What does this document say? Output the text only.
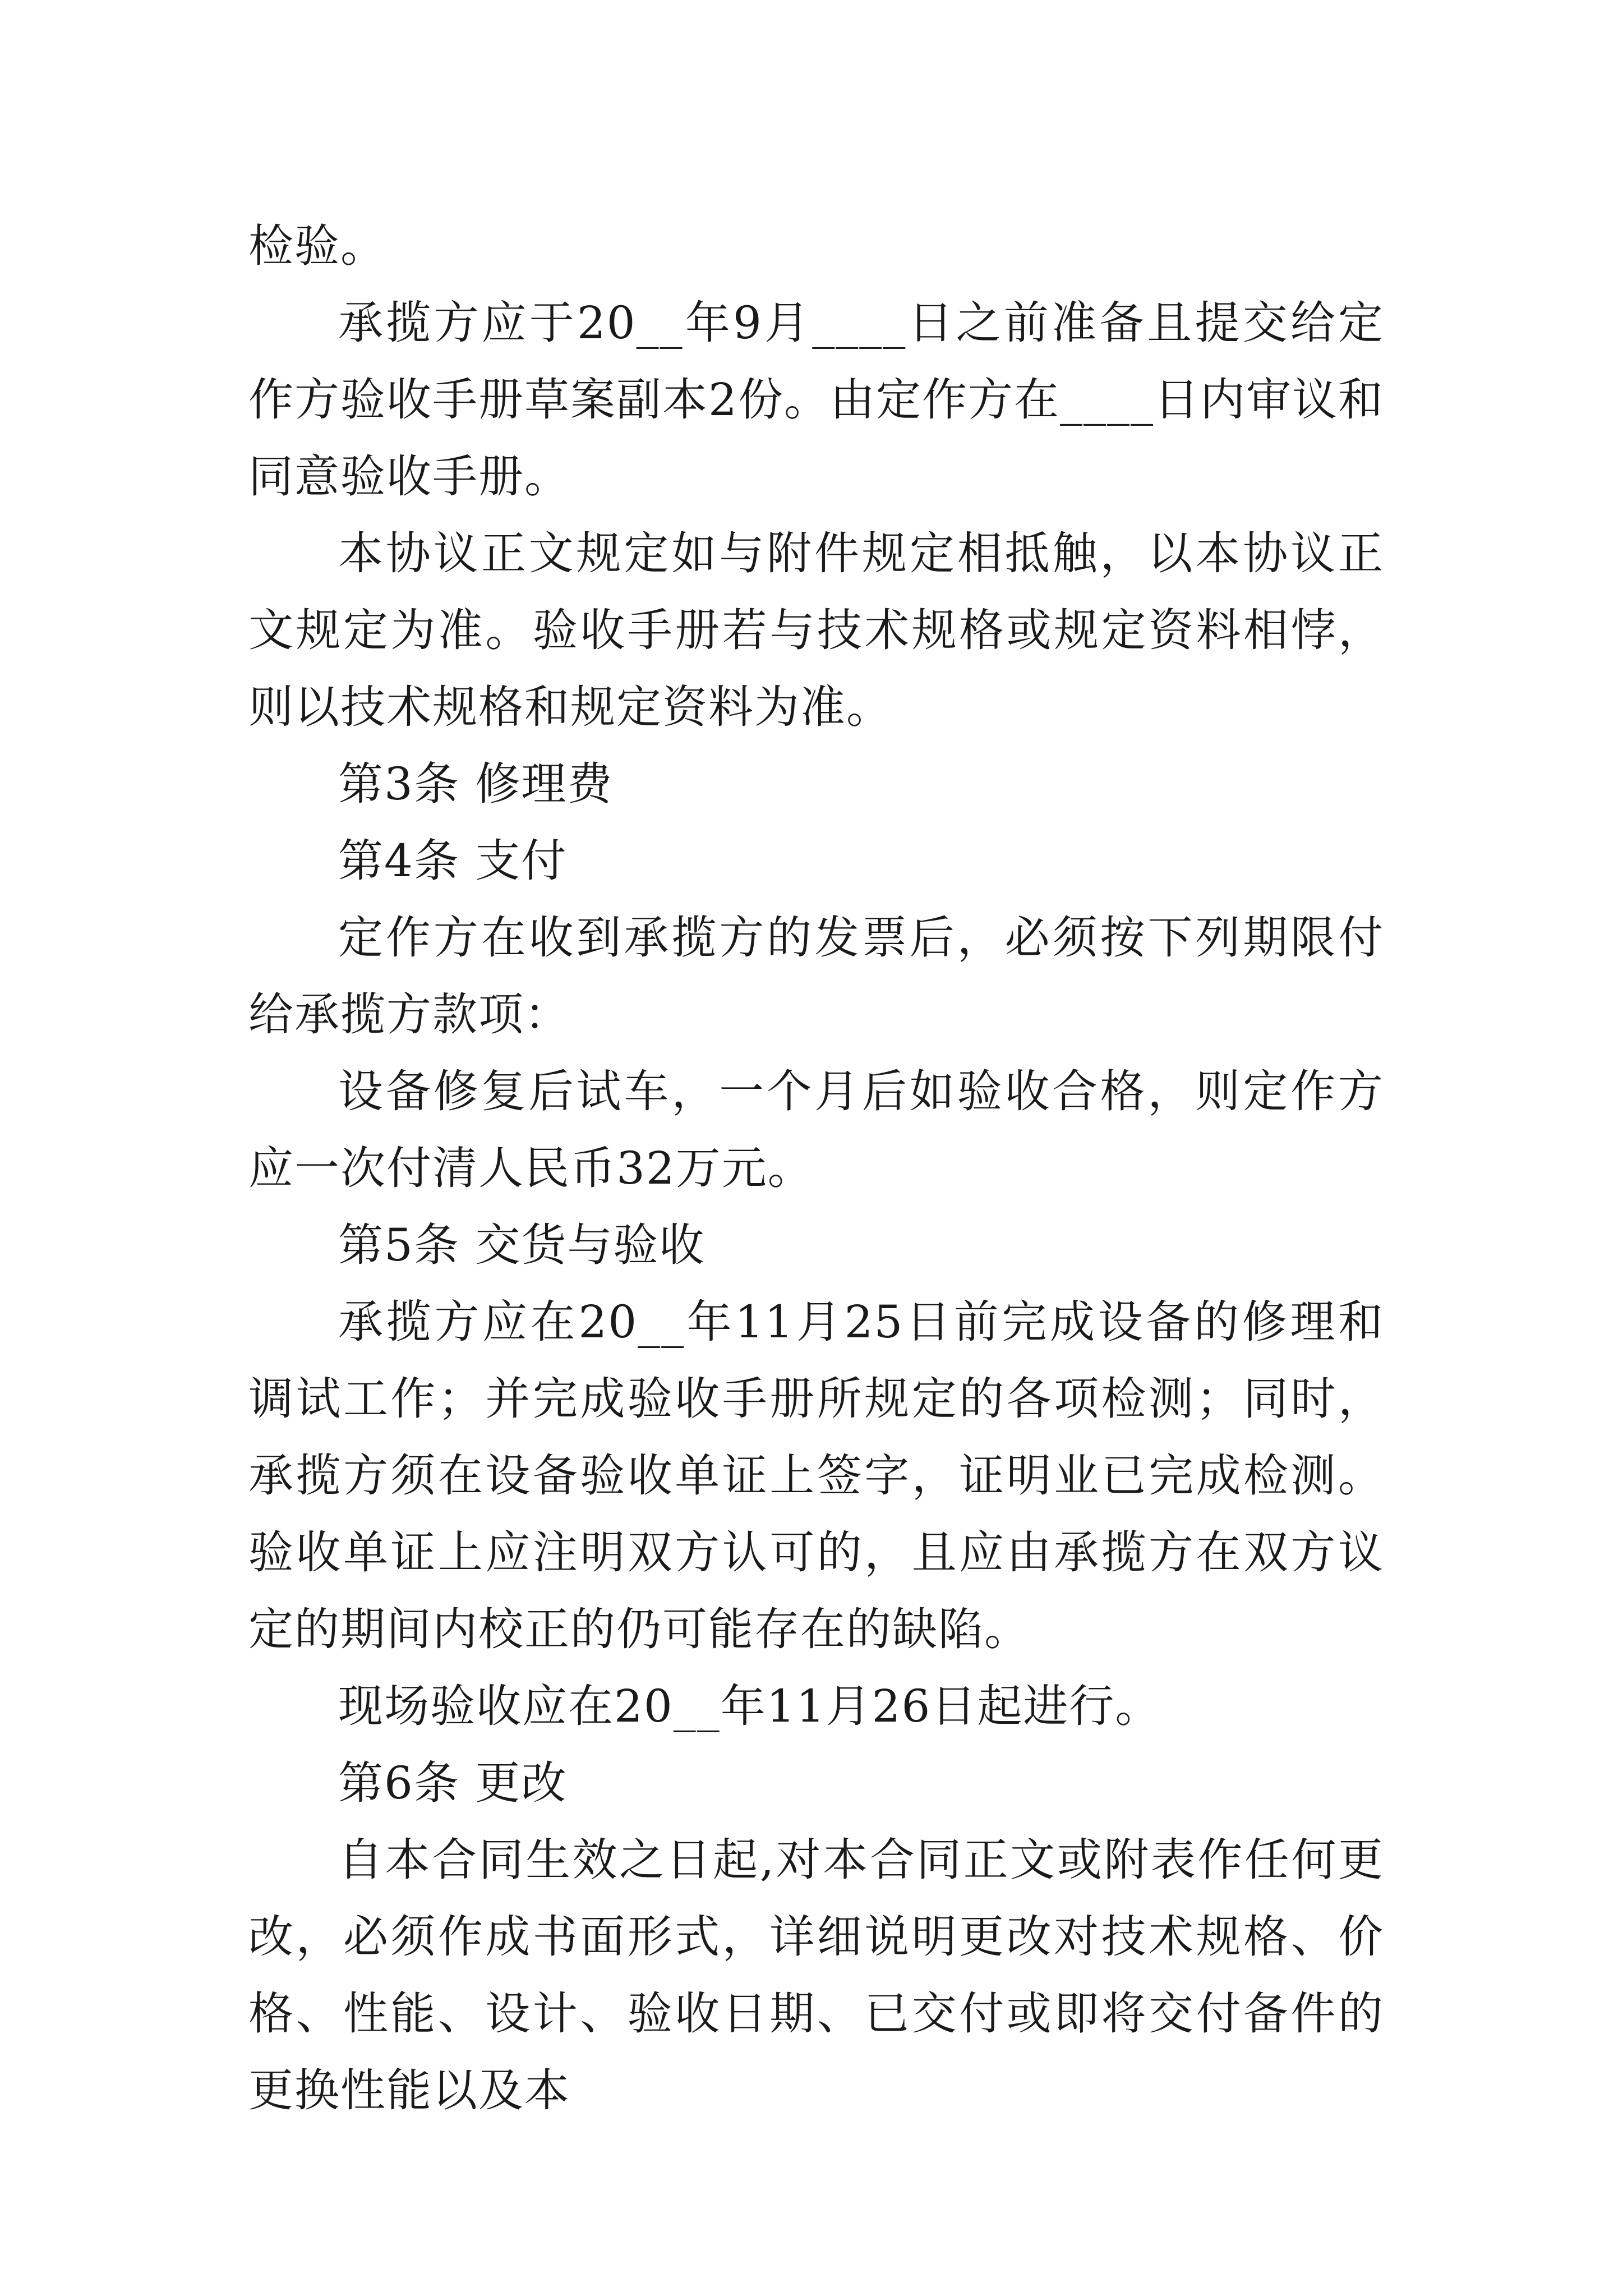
检验。

承揽方应于20__年9月____日之前准备且提交给定作方验收手册草案副本2份。由定作方在____日内审议和同意验收手册。

本协议正文规定如与附件规定相抵触，以本协议正文规定为准。验收手册若与技术规格或规定资料相悖，则以技术规格和规定资料为准。

第3条 修理费

第4条 支付

定作方在收到承揽方的发票后，必须按下列期限付给承揽方款项：

设备修复后试车，一个月后如验收合格，则定作方应一次付清人民币32万元。

第5条 交货与验收

承揽方应在20__年11月25日前完成设备的修理和调试工作；并完成验收手册所规定的各项检测；同时，承揽方须在设备验收单证上签字，证明业已完成检测。验收单证上应注明双方认可的，且应由承揽方在双方议定的期间内校正的仍可能存在的缺陷。

现场验收应在20__年11月26日起进行。

第6条 更改

自本合同生效之日起,对本合同正文或附表作任何更改，必须作成书面形式，详细说明更改对技术规格、价格、性能、设计、验收日期、已交付或即将交付备件的更换性能以及本
